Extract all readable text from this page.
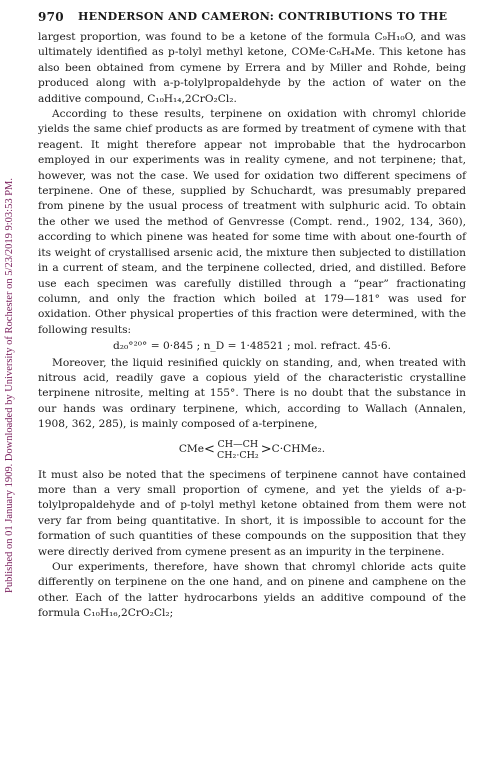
Published on 01 January 1909. Downloaded by University of Rochester on 5/23/2019 9:03:53 PM.
970 HENDERSON AND CAMERON: CONTRIBUTIONS TO THE

largest proportion, was found to be a ketone of the formula C₉H₁₀O, and was ultimately identified as p-tolyl methyl ketone, COMe·C₆H₄Me. This ketone has also been obtained from cymene by Errera and by Miller and Rohde, being produced along with a-p-tolylpropaldehyde by the action of water on the additive compound, C₁₀H₁₄,2CrO₂Cl₂.

According to these results, terpinene on oxidation with chromyl chloride yields the same chief products as are formed by treatment of cymene with that reagent. It might therefore appear not improbable that the hydrocarbon employed in our experiments was in reality cymene, and not terpinene; that, however, was not the case. We used for oxidation two different specimens of terpinene. One of these, supplied by Schuchardt, was presumably prepared from pinene by the usual process of treatment with sulphuric acid. To obtain the other we used the method of Genvresse (Compt. rend., 1902, 134, 360), according to which pinene was heated for some time with about one-fourth of its weight of crystallised arsenic acid, the mixture then subjected to distillation in a current of steam, and the terpinene collected, dried, and distilled. Before use each specimen was carefully distilled through a “pear” fractionating column, and only the fraction which boiled at 179—181° was used for oxidation. Other physical properties of this fraction were determined, with the following results:

d₂₀°²⁰° = 0·845 ; n_D = 1·48521 ; mol. refract. 45·6.

Moreover, the liquid resinified quickly on standing, and, when treated with nitrous acid, readily gave a copious yield of the characteristic crystalline terpinene nitrosite, melting at 155°. There is no doubt that the substance in our hands was ordinary terpinene, which, according to Wallach (Annalen, 1908, 362, 285), is mainly composed of a-terpinene,

CMe < CH—CH
CH₂·CH₂ > C·CHMe₂.

It must also be noted that the specimens of terpinene cannot have contained more than a very small proportion of cymene, and yet the yields of a-p-tolylpropaldehyde and of p-tolyl methyl ketone obtained from them were not very far from being quantitative. In short, it is impossible to account for the formation of such quantities of these compounds on the supposition that they were directly derived from cymene present as an impurity in the terpinene.

Our experiments, therefore, have shown that chromyl chloride acts quite differently on terpinene on the one hand, and on pinene and camphene on the other. Each of the latter hydrocarbons yields an additive compound of the formula C₁₀H₁₆,2CrO₂Cl₂;
